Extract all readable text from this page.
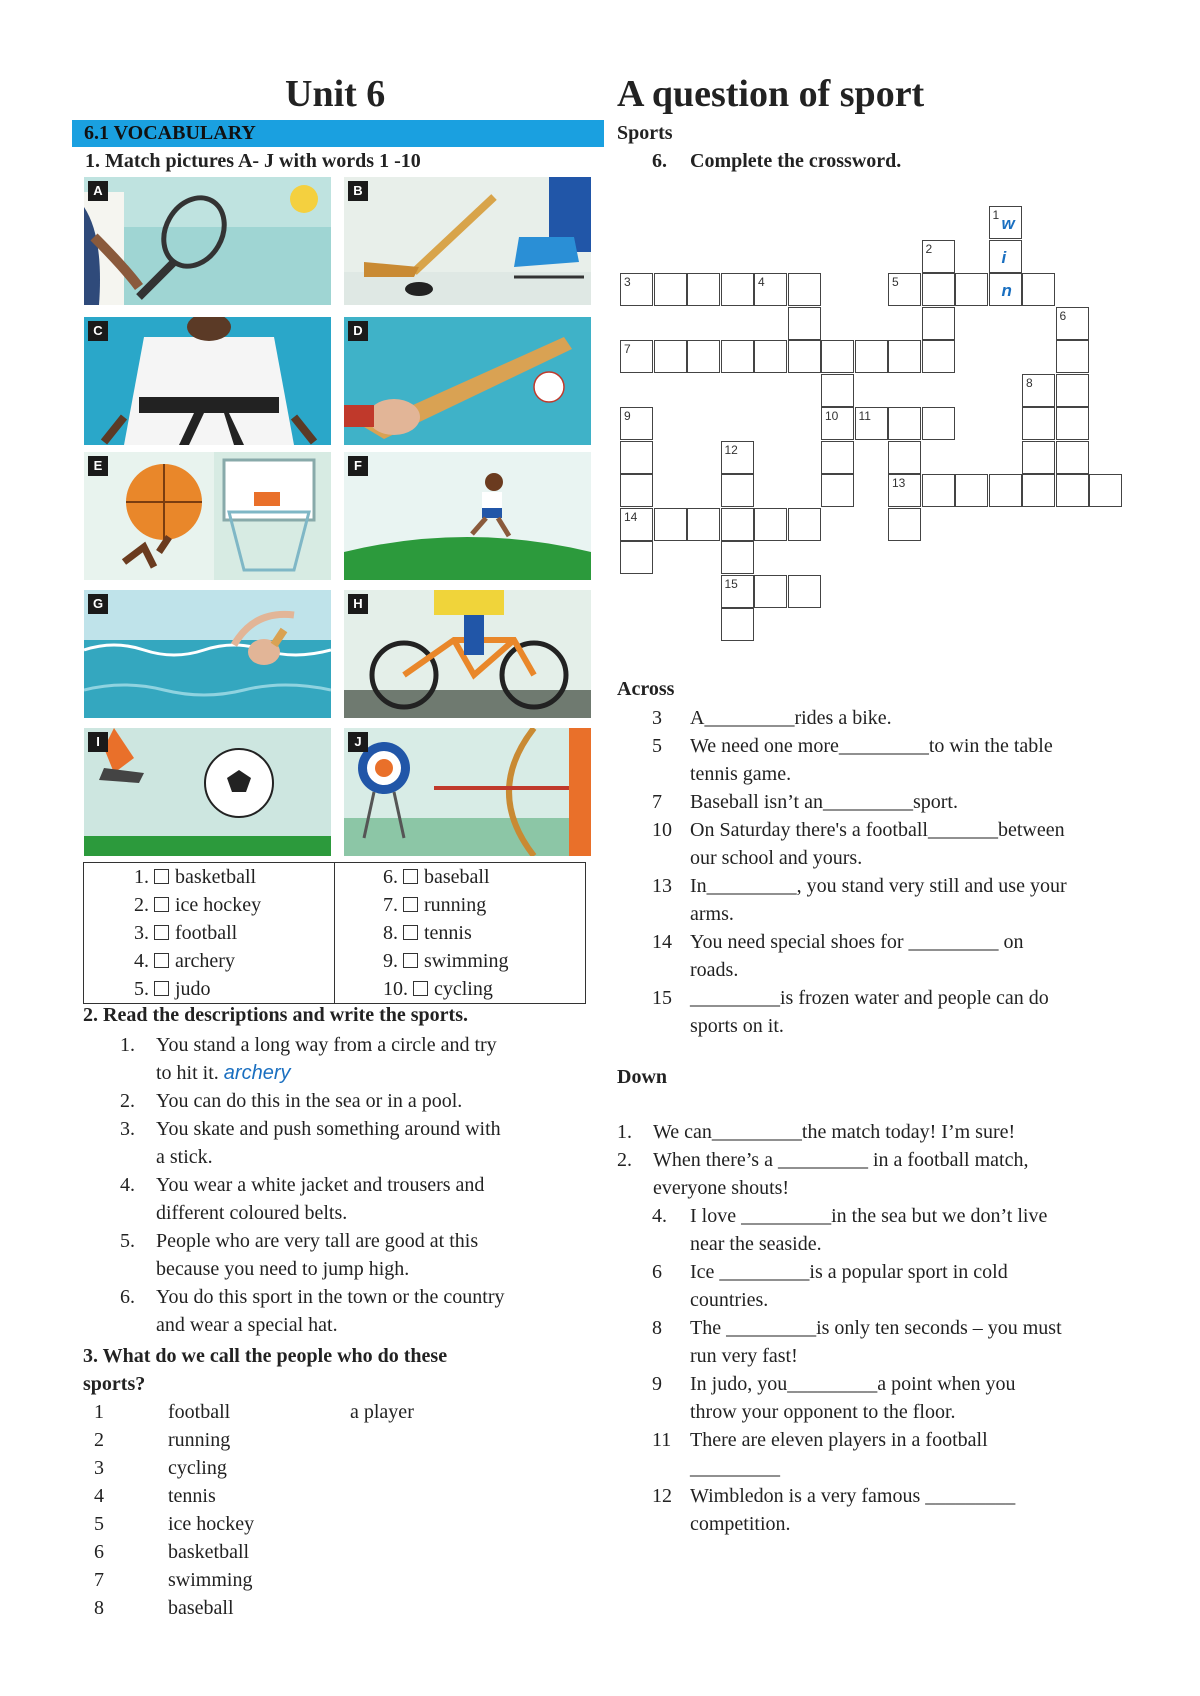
Unit 6	A question of sport
6.1 VOCABULARY
1. Match pictures A- J with words 1 -10
A	B
C	D
E	F
G	H
I	J
1. basketball
2. ice hockey
3. football
4. archery
5. judo

6. baseball
7. running
8. tennis
9. swimming
10. cycling
2. Read the descriptions and write the sports.
1. You stand a long way from a circle and try
to hit it. archery
2. You can do this in the sea or in a pool.
3. You skate and push something around with
a stick.
4. You wear a white jacket and trousers and
different coloured belts.
5. People who are very tall are good at this
because you need to jump high.
6. You do this sport in the town or the country
and wear a special hat.
3. What do we call the people who do these
sports?
1	football	a player
2	running
3	cycling
4	tennis
5	ice hockey
6	basketball
7	swimming
8	baseball
Sports
6. Complete the crossword.
1 w
i
n
2
3	4	5
6
7
8
9
14
10 11
13
12
15
Across
3 A_________rides a bike.
5 We need one more_________to win the table
tennis game.
7 Baseball isn’t an_________sport.
10 On Saturday there's a football_______between
our school and yours.
13 In_________, you stand very still and use your
arms.
14 You need special shoes for _________ on
roads.
15 _________is frozen water and people can do
sports on it.
Down
1. We can_________the match today! I’m sure!
2. When there’s a _________ in a football match,
everyone shouts!
4. I love _________in the sea but we don’t live
near the seaside.
6 Ice _________is a popular sport in cold
countries.
8 The _________is only ten seconds – you must
run very fast!
9 In judo, you_________a point when you
throw your opponent to the floor.
11 There are eleven players in a football
_________
12 Wimbledon is a very famous _________
competition.
